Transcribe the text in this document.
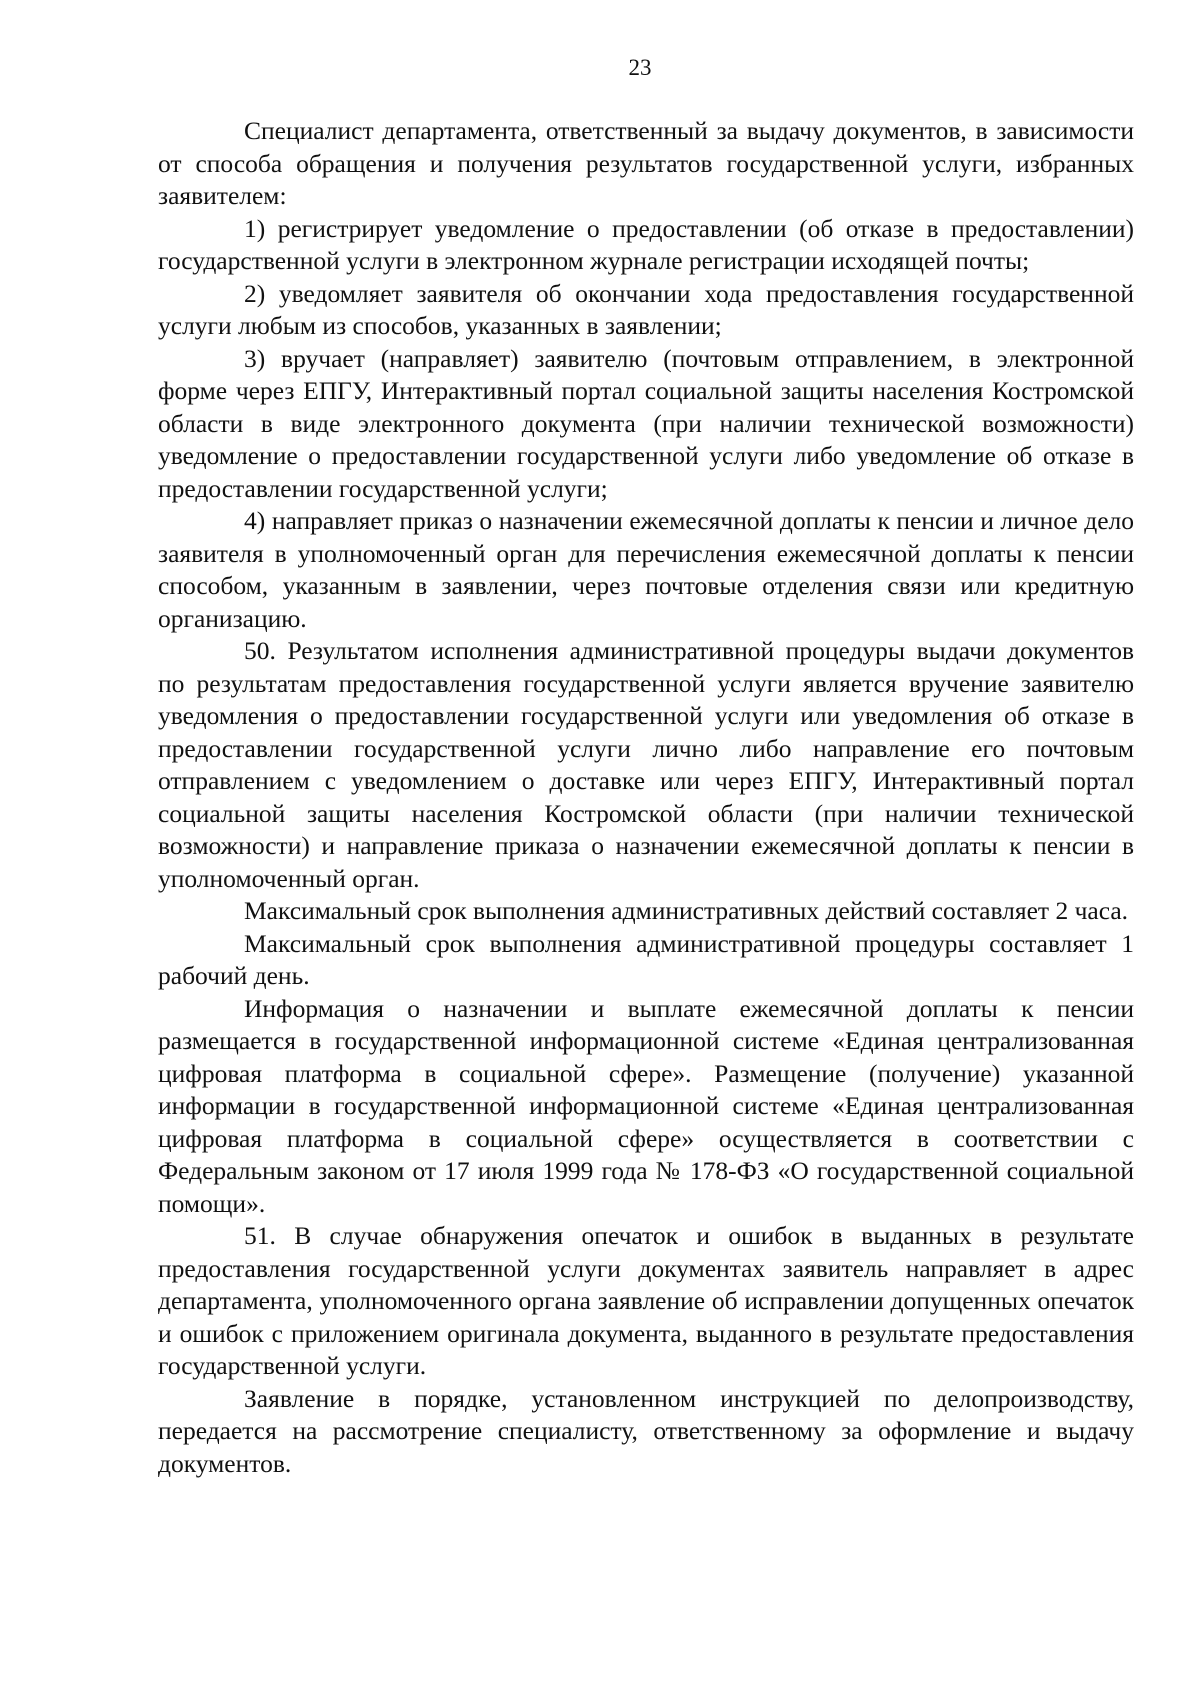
23

Специалист департамента, ответственный за выдачу документов, в зависимости от способа обращения и получения результатов государственной услуги, избранных заявителем:

1) регистрирует уведомление о предоставлении (об отказе в предоставлении) государственной услуги в электронном журнале регистрации исходящей почты;

2) уведомляет заявителя об окончании хода предоставления государственной услуги любым из способов, указанных в заявлении;

3) вручает (направляет) заявителю (почтовым отправлением, в электронной форме через ЕПГУ, Интерактивный портал социальной защиты населения Костромской области в виде электронного документа (при наличии технической возможности) уведомление о предоставлении государственной услуги либо уведомление об отказе в предоставлении государственной услуги;

4) направляет приказ о назначении ежемесячной доплаты к пенсии и личное дело заявителя в уполномоченный орган для перечисления ежемесячной доплаты к пенсии способом, указанным в заявлении, через почтовые отделения связи или кредитную организацию.

50. Результатом исполнения административной процедуры выдачи документов по результатам предоставления государственной услуги является вручение заявителю уведомления о предоставлении государственной услуги или уведомления об отказе в предоставлении государственной услуги лично либо направление его почтовым отправлением с уведомлением о доставке или через ЕПГУ, Интерактивный портал социальной защиты населения Костромской области (при наличии технической возможности) и направление приказа о назначении ежемесячной доплаты к пенсии в уполномоченный орган.

Максимальный срок выполнения административных действий составляет 2 часа.

Максимальный срок выполнения административной процедуры составляет 1 рабочий день.

Информация о назначении и выплате ежемесячной доплаты к пенсии размещается в государственной информационной системе «Единая централизованная цифровая платформа в социальной сфере». Размещение (получение) указанной информации в государственной информационной системе «Единая централизованная цифровая платформа в социальной сфере» осуществляется в соответствии с Федеральным законом от 17 июля 1999 года № 178-ФЗ «О государственной социальной помощи».

51. В случае обнаружения опечаток и ошибок в выданных в результате предоставления государственной услуги документах заявитель направляет в адрес департамента, уполномоченного органа заявление об исправлении допущенных опечаток и ошибок с приложением оригинала документа, выданного в результате предоставления государственной услуги.

Заявление в порядке, установленном инструкцией по делопроизводству, передается на рассмотрение специалисту, ответственному за оформление и выдачу документов.
